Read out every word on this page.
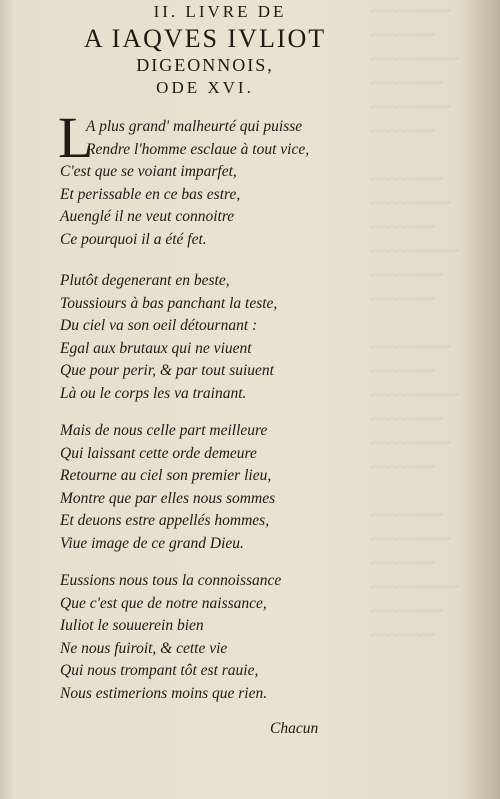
~~~~~~~~~~
~~~~~~~~
~~~~~~~~~~~
~~~~~~~~~
~~~~~~~~~~
~~~~~~~~

~~~~~~~~~
~~~~~~~~~~
~~~~~~~~
~~~~~~~~~~~
~~~~~~~~~
~~~~~~~~

~~~~~~~~~~
~~~~~~~~
~~~~~~~~~~~
~~~~~~~~~
~~~~~~~~~~
~~~~~~~~

~~~~~~~~~
~~~~~~~~~~
~~~~~~~~
~~~~~~~~~~~
~~~~~~~~~
~~~~~~~~
II. LIVRE DE
A IAQVES IVLIOT
DIGEONNOIS,
ODE XVI.
L
A plus grand' malheurté qui puisse
Rendre l'homme esclaue à tout vice,
C'est que se voiant imparfet,
Et perissable en ce bas estre,
Auenglé il ne veut connoitre
Ce pourquoi il a été fet.
Plutôt degenerant en beste,
Toussiours à bas panchant la teste,
Du ciel va son oeil détournant :
Egal aux brutaux qui ne viuent
Que pour perir, & par tout suiuent
Là ou le corps les va trainant.
Mais de nous celle part meilleure
Qui laissant cette orde demeure
Retourne au ciel son premier lieu,
Montre que par elles nous sommes
Et deuons estre appellés hommes,
Viue image de ce grand Dieu.
Eussions nous tous la connoissance
Que c'est que de notre naissance,
Iuliot le souuerein bien
Ne nous fuiroit, & cette vie
Qui nous trompant tôt est rauie,
Nous estimerions moins que rien.
Chacun
